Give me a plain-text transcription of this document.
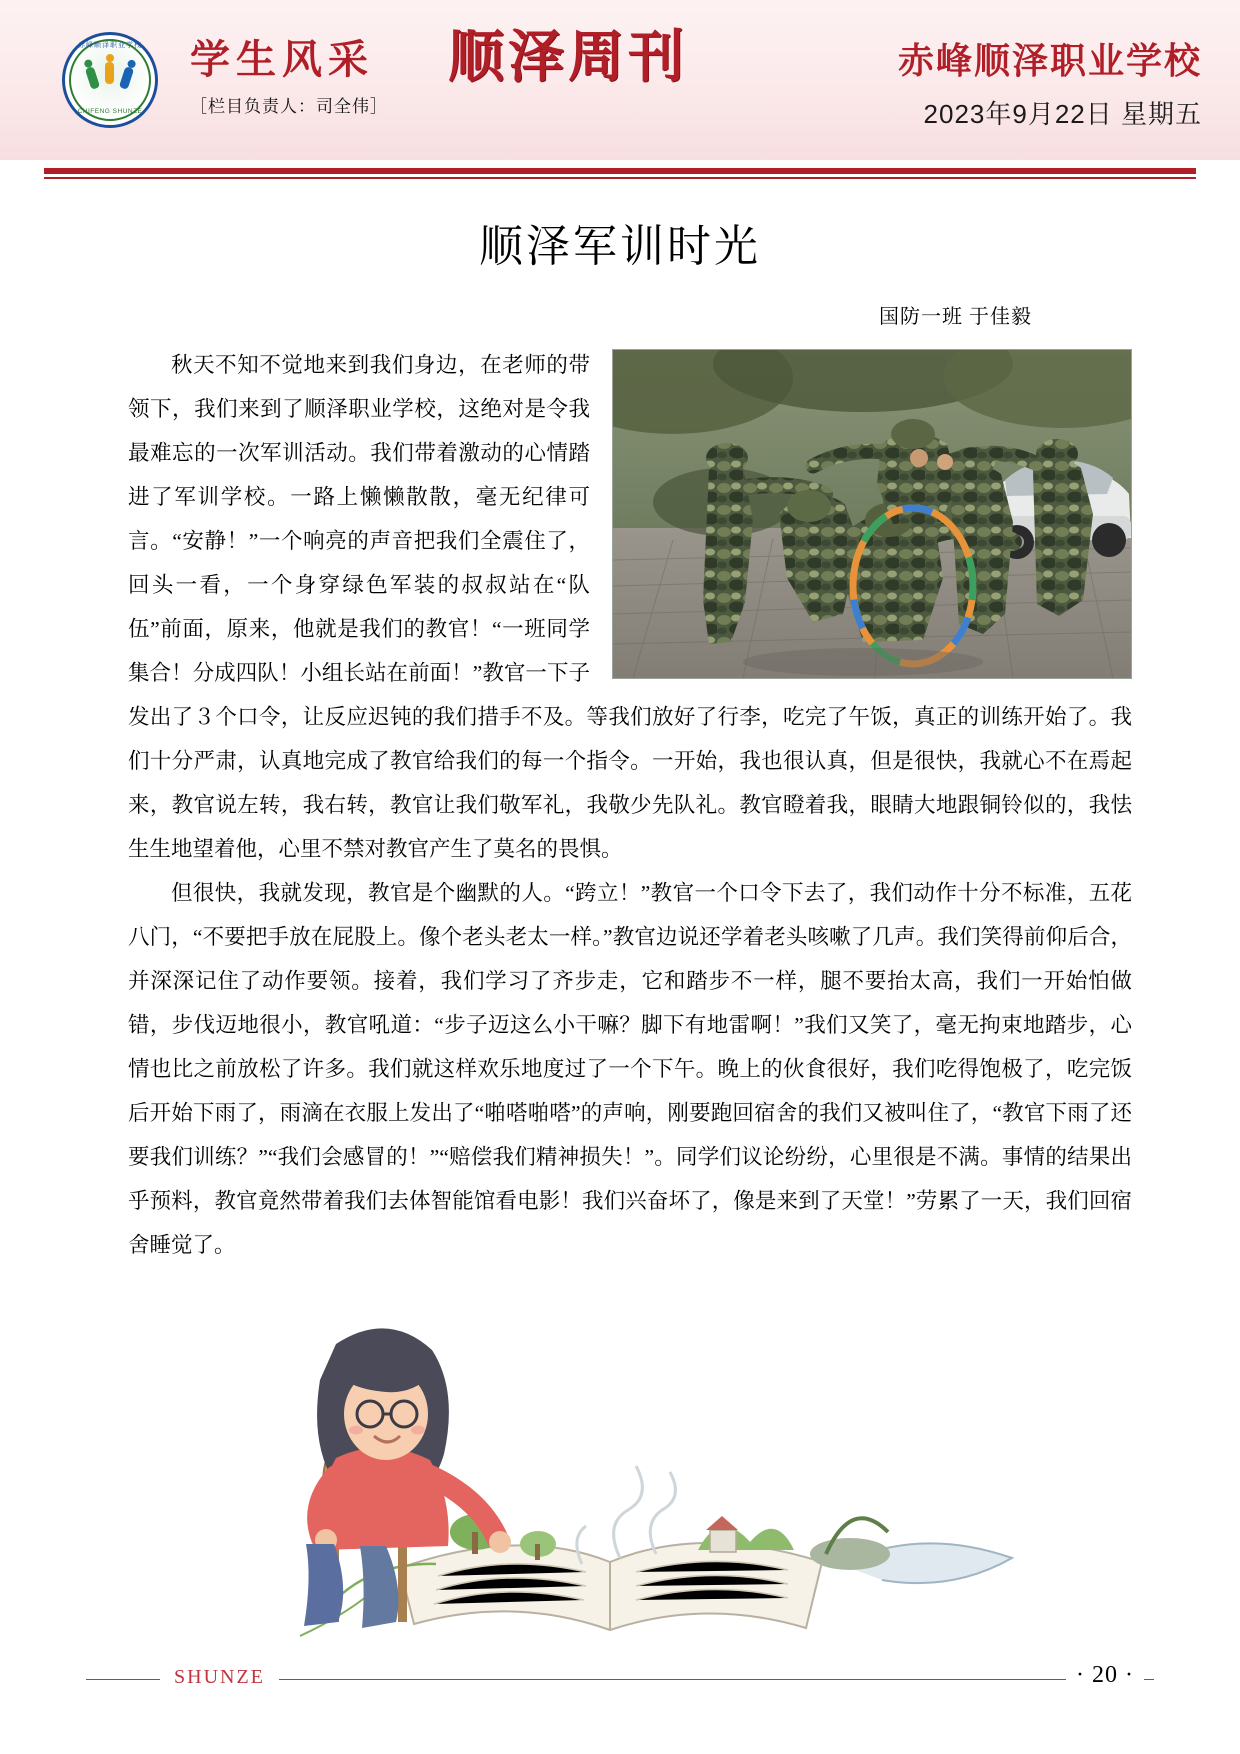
赤峰顺泽职业学校
CHIFENG SHUNZE
学生风采
［栏目负责人：司全伟］
顺泽周刊	赤峰顺泽职业学校
2023年9月22日 星期五
顺泽军训时光
国防一班 于佳毅

秋天不知不觉地来到我们身边，在老师的带领下，我们来到了顺泽职业学校，这绝对是令我最难忘的一次军训活动。我们带着激动的心情踏进了军训学校。一路上懒懒散散，毫无纪律可言。“安静！”一个响亮的声音把我们全震住了，回头一看，一个身穿绿色军装的叔叔站在“队伍”前面，原来，他就是我们的教官！“一班同学集合！分成四队！小组长站在前面！”教官一下子发出了３个口令，让反应迟钝的我们措手不及。等我们放好了行李，吃完了午饭，真正的训练开始了。我们十分严肃，认真地完成了教官给我们的每一个指令。一开始，我也很认真，但是很快，我就心不在焉起来，教官说左转，我右转，教官让我们敬军礼，我敬少先队礼。教官瞪着我，眼睛大地跟铜铃似的，我怯生生地望着他，心里不禁对教官产生了莫名的畏惧。

但很快，我就发现，教官是个幽默的人。“跨立！”教官一个口令下去了，我们动作十分不标准，五花八门，“不要把手放在屁股上。像个老头老太一样。”教官边说还学着老头咳嗽了几声。我们笑得前仰后合，并深深记住了动作要领。接着，我们学习了齐步走，它和踏步不一样，腿不要抬太高，我们一开始怕做错，步伐迈地很小，教官吼道：“步子迈这么小干嘛？脚下有地雷啊！”我们又笑了，毫无拘束地踏步，心情也比之前放松了许多。我们就这样欢乐地度过了一个下午。晚上的伙食很好，我们吃得饱极了，吃完饭后开始下雨了，雨滴在衣服上发出了“啪嗒啪嗒”的声响，刚要跑回宿舍的我们又被叫住了，“教官下雨了还要我们训练？”“我们会感冒的！”“赔偿我们精神损失！”。同学们议论纷纷，心里很是不满。事情的结果出乎预料，教官竟然带着我们去体智能馆看电影！我们兴奋坏了，像是来到了天堂！”劳累了一天，我们回宿舍睡觉了。

SHUNZE	· 20 ·
